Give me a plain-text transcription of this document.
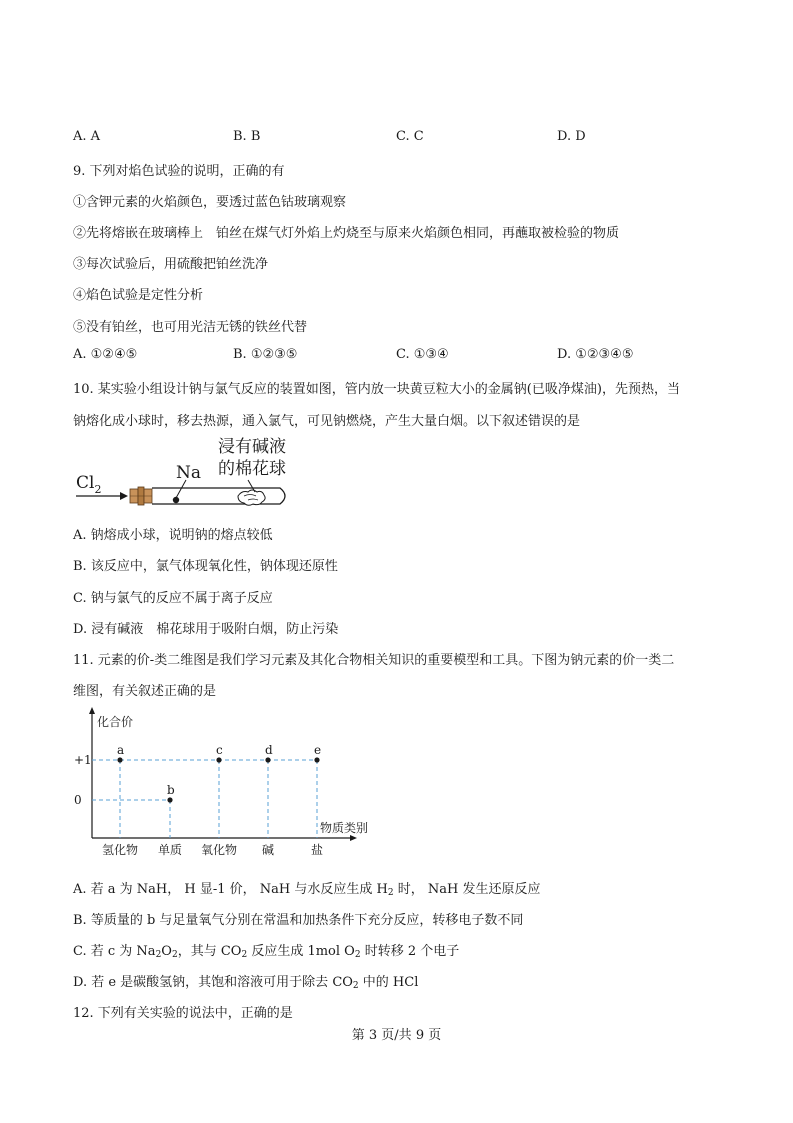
A. A	B. B	C. C	D. D
9. 下列对焰色试验的说明，正确的有
①含钾元素的火焰颜色，要透过蓝色钴玻璃观察
②先将熔嵌在玻璃棒上　铂丝在煤气灯外焰上灼烧至与原来火焰颜色相同，再蘸取被检验的物质
③每次试验后，用硫酸把铂丝洗净
④焰色试验是定性分析
⑤没有铂丝，也可用光洁无锈的铁丝代替
A. ①②④⑤	B. ①②③⑤	C. ①③④	D. ①②③④⑤
10. 某实验小组设计钠与氯气反应的装置如图，管内放一块黄豆粒大小的金属钠(已吸净煤油)，先预热，当
钠熔化成小球时，移去热源，通入氯气，可见钠燃烧，产生大量白烟。以下叙述错误的是
$Cl_2$
Na
浸有碱液
的棉花球
A. 钠熔成小球，说明钠的熔点较低
B. 该反应中，氯气体现氧化性，钠体现还原性
C. 钠与氯气的反应不属于离子反应
D. 浸有碱液　棉花球用于吸附白烟，防止污染
11. 元素的价-类二维图是我们学习元素及其化合物相关知识的重要模型和工具。下图为钠元素的价一类二
维图，有关叙述正确的是
化合价
物质类别
+1
0
a
b
c	d	e
氢化物 单质 氧化物 碱	盐
A. 若 a 为 NaH， H 显-1 价， NaH 与水反应生成 $H_2$ 时， NaH 发生还原反应
B. 等质量的 b 与足量氧气分别在常温和加热条件下充分反应，转移电子数不同
C. 若 c 为 $Na_2O_2$，其与 $CO_2$ 反应生成 1mol $O_2$ 时转移 2 个电子
D. 若 e 是碳酸氢钠，其饱和溶液可用于除去 $CO_2$ 中的 HCl
12. 下列有关实验的说法中，正确的是
第 3 页/共 9 页
